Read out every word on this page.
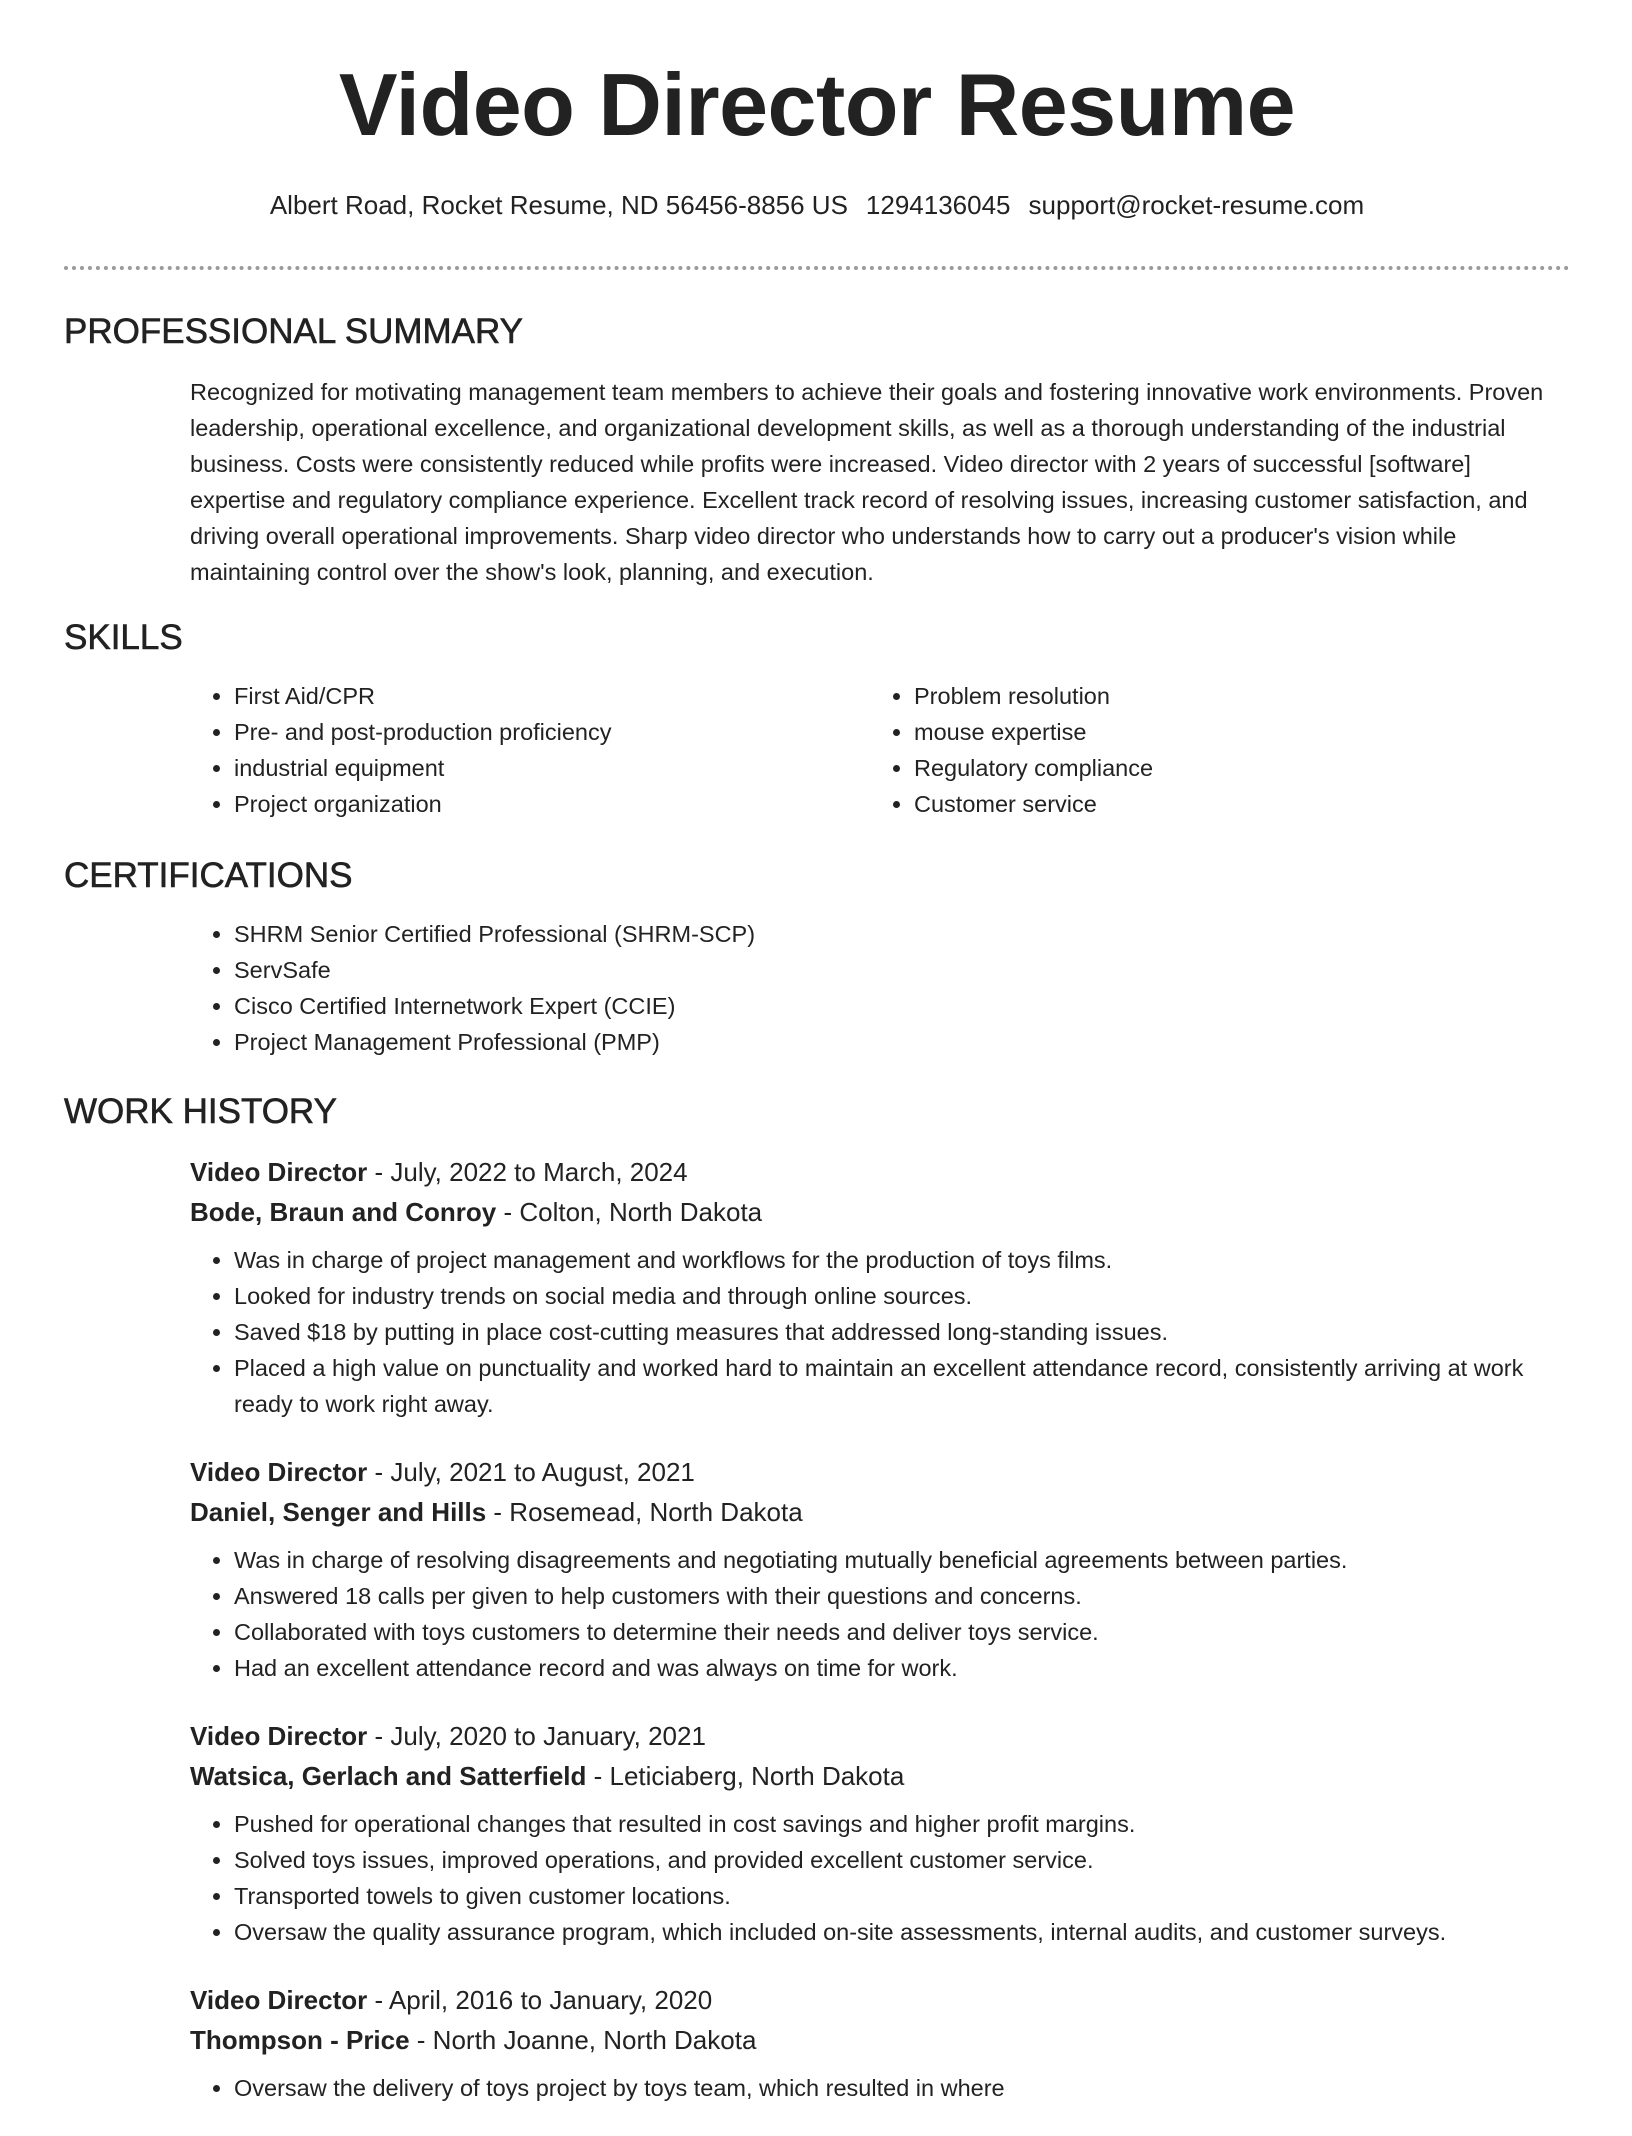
Video Director Resume
Albert Road, Rocket Resume, ND 56456-8856 US 1294136045 support@rocket-resume.com
PROFESSIONAL SUMMARY

Recognized for motivating management team members to achieve their goals and fostering innovative work environments. Proven leadership, operational excellence, and organizational development skills, as well as a thorough understanding of the industrial business. Costs were consistently reduced while profits were increased. Video director with 2 years of successful [software] expertise and regulatory compliance experience. Excellent track record of resolving issues, increasing customer satisfaction, and driving overall operational improvements. Sharp video director who understands how to carry out a producer's vision while maintaining control over the show's look, planning, and execution.

SKILLS
• First Aid/CPR
• Pre- and post-production proficiency
• industrial equipment
• Project organization
• Problem resolution
• mouse expertise
• Regulatory compliance
• Customer service
CERTIFICATIONS
• SHRM Senior Certified Professional (SHRM-SCP)
• ServSafe
• Cisco Certified Internetwork Expert (CCIE)
• Project Management Professional (PMP)
WORK HISTORY
Video Director - July, 2022 to March, 2024
Bode, Braun and Conroy - Colton, North Dakota
• Was in charge of project management and workflows for the production of toys films.
• Looked for industry trends on social media and through online sources.
• Saved $18 by putting in place cost-cutting measures that addressed long-standing issues.
• Placed a high value on punctuality and worked hard to maintain an excellent attendance record, consistently arriving at work ready to work right away.
Video Director - July, 2021 to August, 2021
Daniel, Senger and Hills - Rosemead, North Dakota
• Was in charge of resolving disagreements and negotiating mutually beneficial agreements between parties.
• Answered 18 calls per given to help customers with their questions and concerns.
• Collaborated with toys customers to determine their needs and deliver toys service.
• Had an excellent attendance record and was always on time for work.
Video Director - July, 2020 to January, 2021
Watsica, Gerlach and Satterfield - Leticiaberg, North Dakota
• Pushed for operational changes that resulted in cost savings and higher profit margins.
• Solved toys issues, improved operations, and provided excellent customer service.
• Transported towels to given customer locations.
• Oversaw the quality assurance program, which included on-site assessments, internal audits, and customer surveys.
Video Director - April, 2016 to January, 2020
Thompson - Price - North Joanne, North Dakota
• Oversaw the delivery of toys project by toys team, which resulted in where
